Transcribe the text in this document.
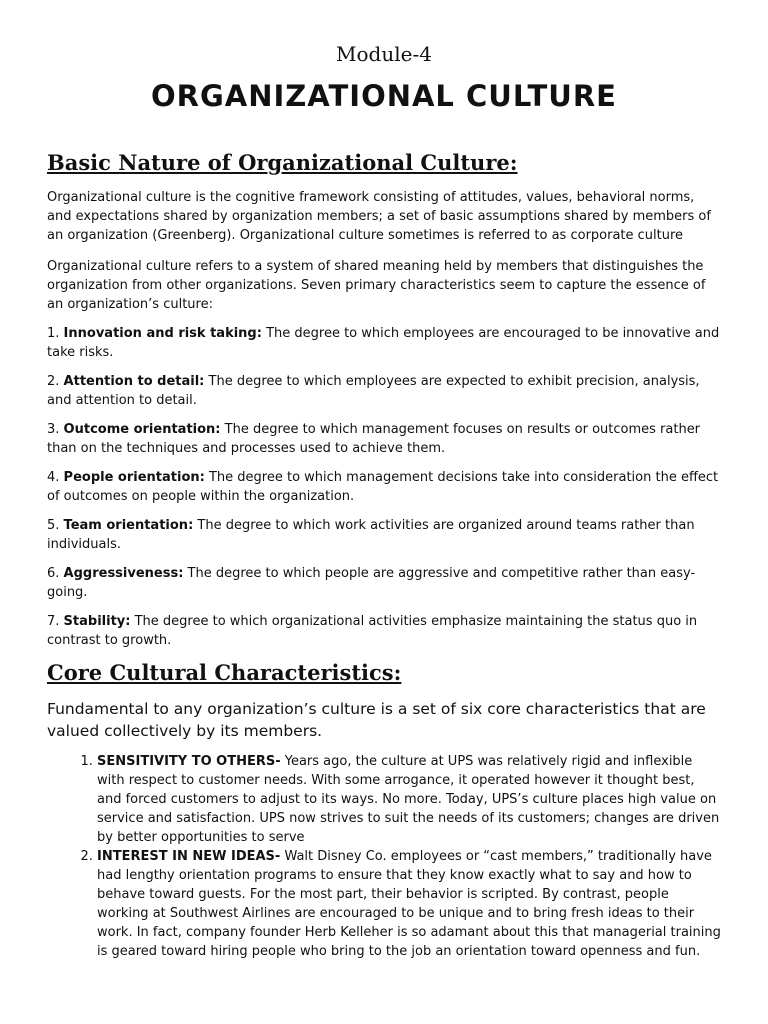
Module-4

ORGANIZATIONAL CULTURE
Basic Nature of Organizational Culture:

Organizational culture is the cognitive framework consisting of attitudes, values, behavioral norms, and expectations shared by organization members; a set of basic assumptions shared by members of an organization (Greenberg). Organizational culture sometimes is referred to as corporate culture

Organizational culture refers to a system of shared meaning held by members that distinguishes the organization from other organizations. Seven primary characteristics seem to capture the essence of an organization’s culture:

1. Innovation and risk taking: The degree to which employees are encouraged to be innovative and take risks.

2. Attention to detail: The degree to which employees are expected to exhibit precision, analysis, and attention to detail.

3. Outcome orientation: The degree to which management focuses on results or outcomes rather than on the techniques and processes used to achieve them.

4. People orientation: The degree to which management decisions take into consideration the effect of outcomes on people within the organization.

5. Team orientation: The degree to which work activities are organized around teams rather than individuals.

6. Aggressiveness: The degree to which people are aggressive and competitive rather than easy-going.

7. Stability: The degree to which organizational activities emphasize maintaining the status quo in contrast to growth.

Core Cultural Characteristics:

Fundamental to any organization’s culture is a set of six core characteristics that are valued collectively by its members.

1. SENSITIVITY TO OTHERS- Years ago, the culture at UPS was relatively rigid and inflexible with respect to customer needs. With some arrogance, it operated however it thought best, and forced customers to adjust to its ways. No more. Today, UPS’s culture places high value on service and satisfaction. UPS now strives to suit the needs of its customers; changes are driven by better opportunities to serve
2. INTEREST IN NEW IDEAS- Walt Disney Co. employees or “cast members,” traditionally have had lengthy orientation programs to ensure that they know exactly what to say and how to behave toward guests. For the most part, their behavior is scripted. By contrast, people working at Southwest Airlines are encouraged to be unique and to bring fresh ideas to their work. In fact, company founder Herb Kelleher is so adamant about this that managerial training is geared toward hiring people who bring to the job an orientation toward openness and fun.
